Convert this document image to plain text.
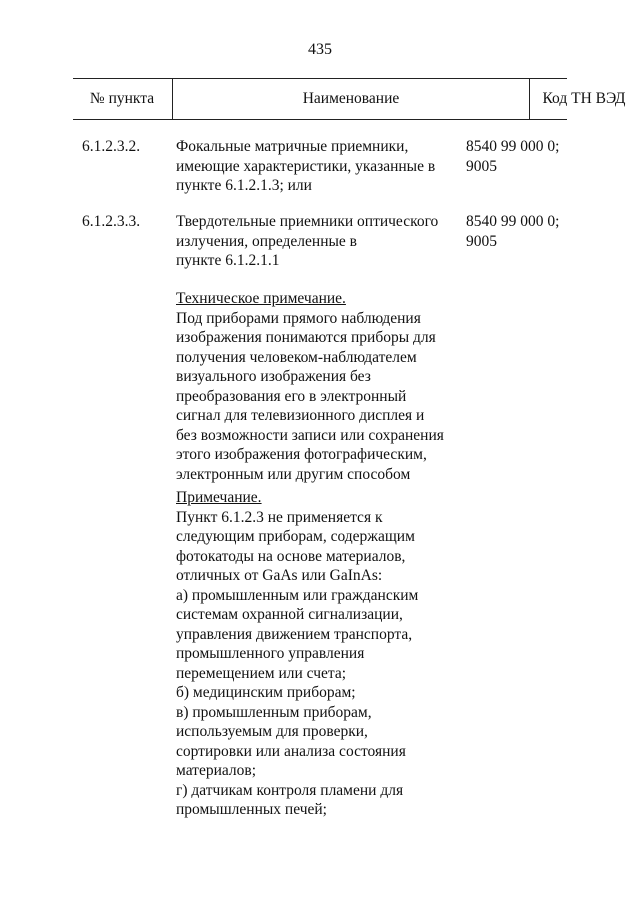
435
№ пункта	Наименование	Код ТН ВЭД
6.1.2.3.2. Фокальные матричные приемники,
имеющие характеристики, указанные в
пункте 6.1.2.1.3; или
8540 99 000 0;
9005
6.1.2.3.3. Твердотельные приемники оптического
излучения, определенные в
пункте 6.1.2.1.1
8540 99 000 0;
9005
Техническое примечание.
Под приборами прямого наблюдения
изображения понимаются приборы для
получения человеком-наблюдателем
визуального изображения без
преобразования его в электронный
сигнал для телевизионного дисплея и
без возможности записи или сохранения
этого изображения фотографическим,
электронным или другим способом
Примечание.
Пункт 6.1.2.3 не применяется к
следующим приборам, содержащим
фотокатоды на основе материалов,
отличных от GaAs или GaInAs:
а) промышленным или гражданским
системам охранной сигнализации,
управления движением транспорта,
промышленного управления
перемещением или счета;
б) медицинским приборам;
в) промышленным приборам,
используемым для проверки,
сортировки или анализа состояния
материалов;
г) датчикам контроля пламени для
промышленных печей;
